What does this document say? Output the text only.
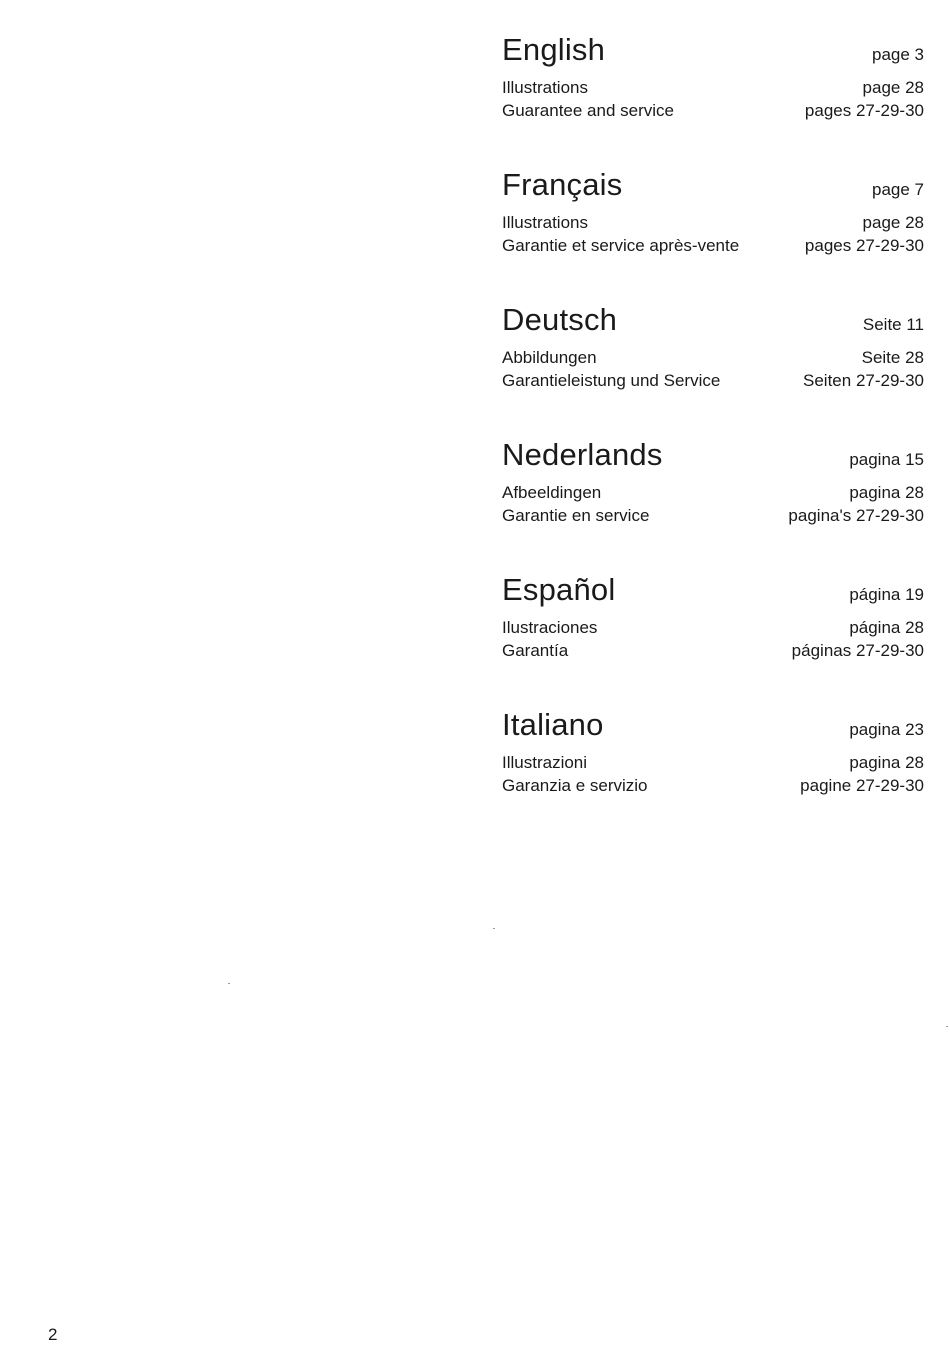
English	page 3
Illustrations	page 28
Guarantee and service	pages 27-29-30
Français	page 7
Illustrations	page 28
Garantie et service après-vente	pages 27-29-30
Deutsch	Seite 11
Abbildungen	Seite 28
Garantieleistung und Service	Seiten 27-29-30
Nederlands	pagina 15
Afbeeldingen	pagina 28
Garantie en service	pagina's 27-29-30
Español	página 19
Ilustraciones	página 28
Garantía	páginas 27-29-30
Italiano	pagina 23
Illustrazioni	pagina 28
Garanzia e servizio	pagine 27-29-30
2
